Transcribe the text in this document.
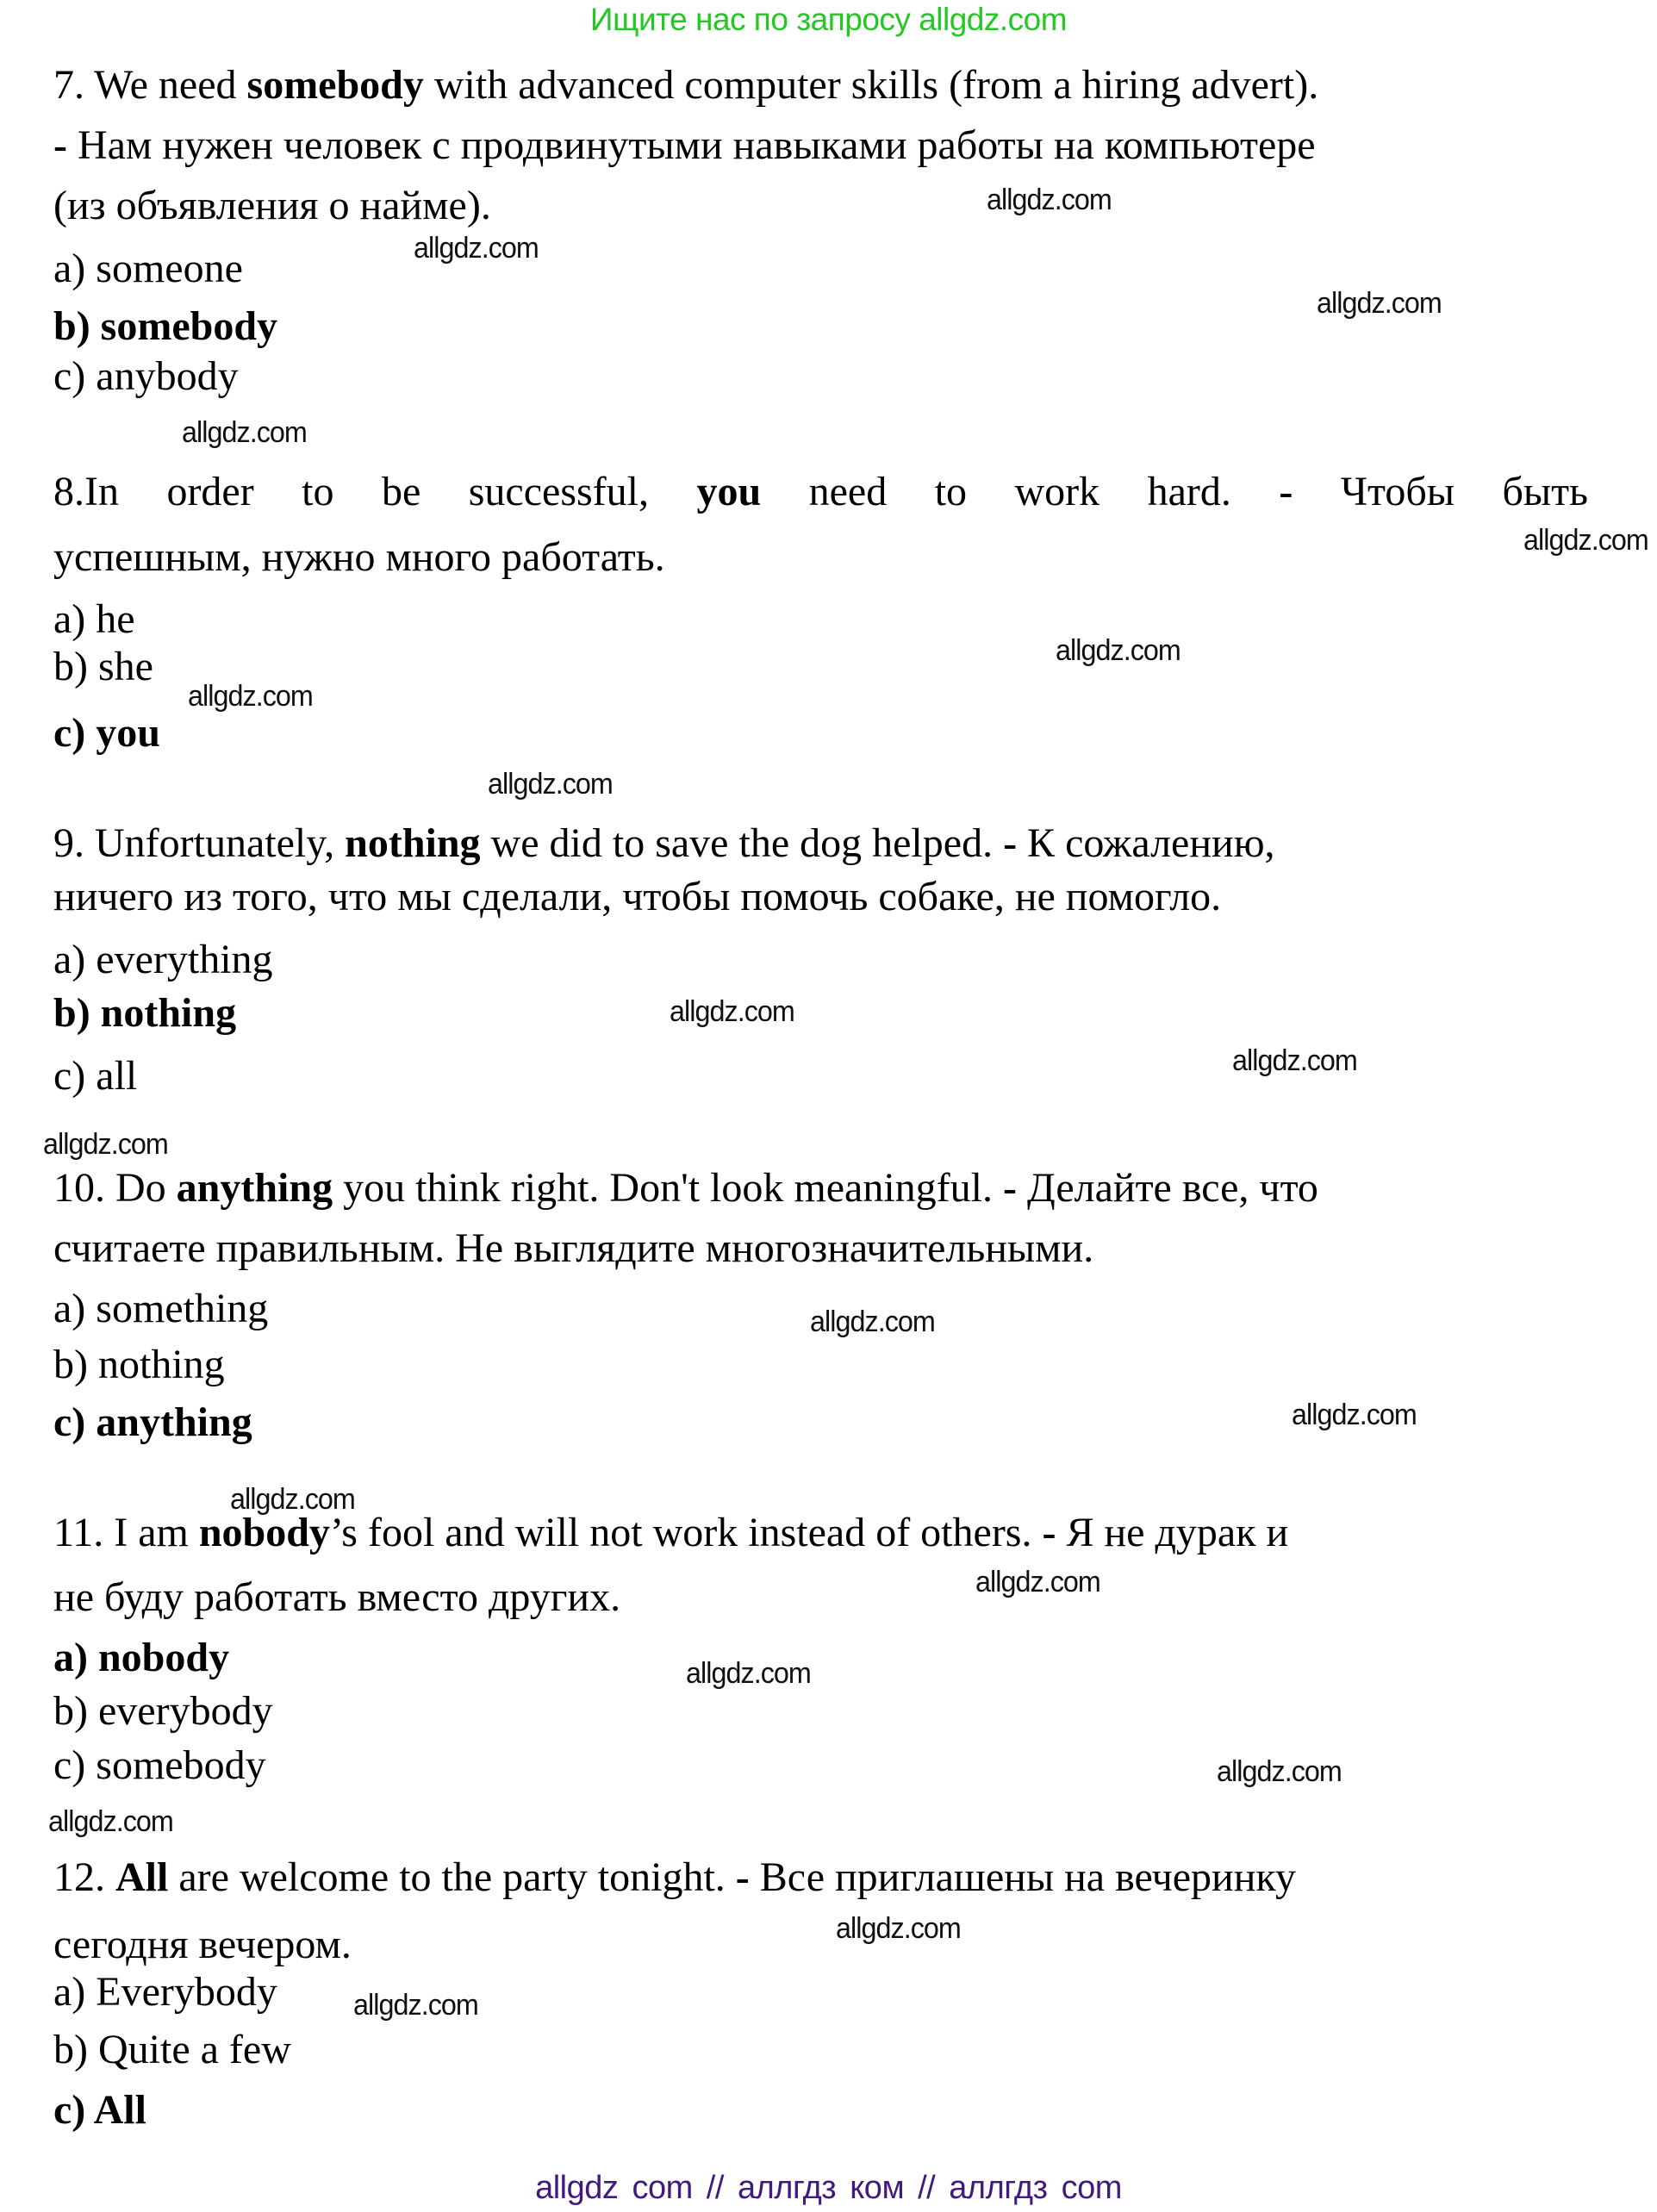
Ищите нас по запросу allgdz.com
7. We need somebody with advanced computer skills (from a hiring advert).
- Нам нужен человек с продвинутыми навыками работы на компьютере
(из объявления о найме).
a) someone
b) somebody
c) anybody
8.In order to be successful, you need to work hard. - Чтобы быть
успешным, нужно много работать.
a) he
b) she
c) you
9. Unfortunately, nothing we did to save the dog helped. - К сожалению,
ничего из того, что мы сделали, чтобы помочь собаке, не помогло.
a) everything
b) nothing
c) all
10. Do anything you think right. Don't look meaningful. - Делайте все, что
считаете правильным. Не выглядите многозначительными.
a) something
b) nothing
c) anything
11. I am nobody’s fool and will not work instead of others. - Я не дурак и
не буду работать вместо других.
a) nobody
b) everybody
c) somebody
12. All are welcome to the party tonight. - Все приглашены на вечеринку
сегодня вечером.
a) Everybody
b) Quite a few
c) All
allgdz.com
allgdz.com
allgdz.com
allgdz.com
allgdz.com
allgdz.com
allgdz.com
allgdz.com
allgdz.com
allgdz.com
allgdz.com
allgdz.com
allgdz.com
allgdz.com
allgdz.com
allgdz.com
allgdz.com
allgdz.com
allgdz.com
allgdz.com
allgdz com // аллгдз ком // аллгдз com
